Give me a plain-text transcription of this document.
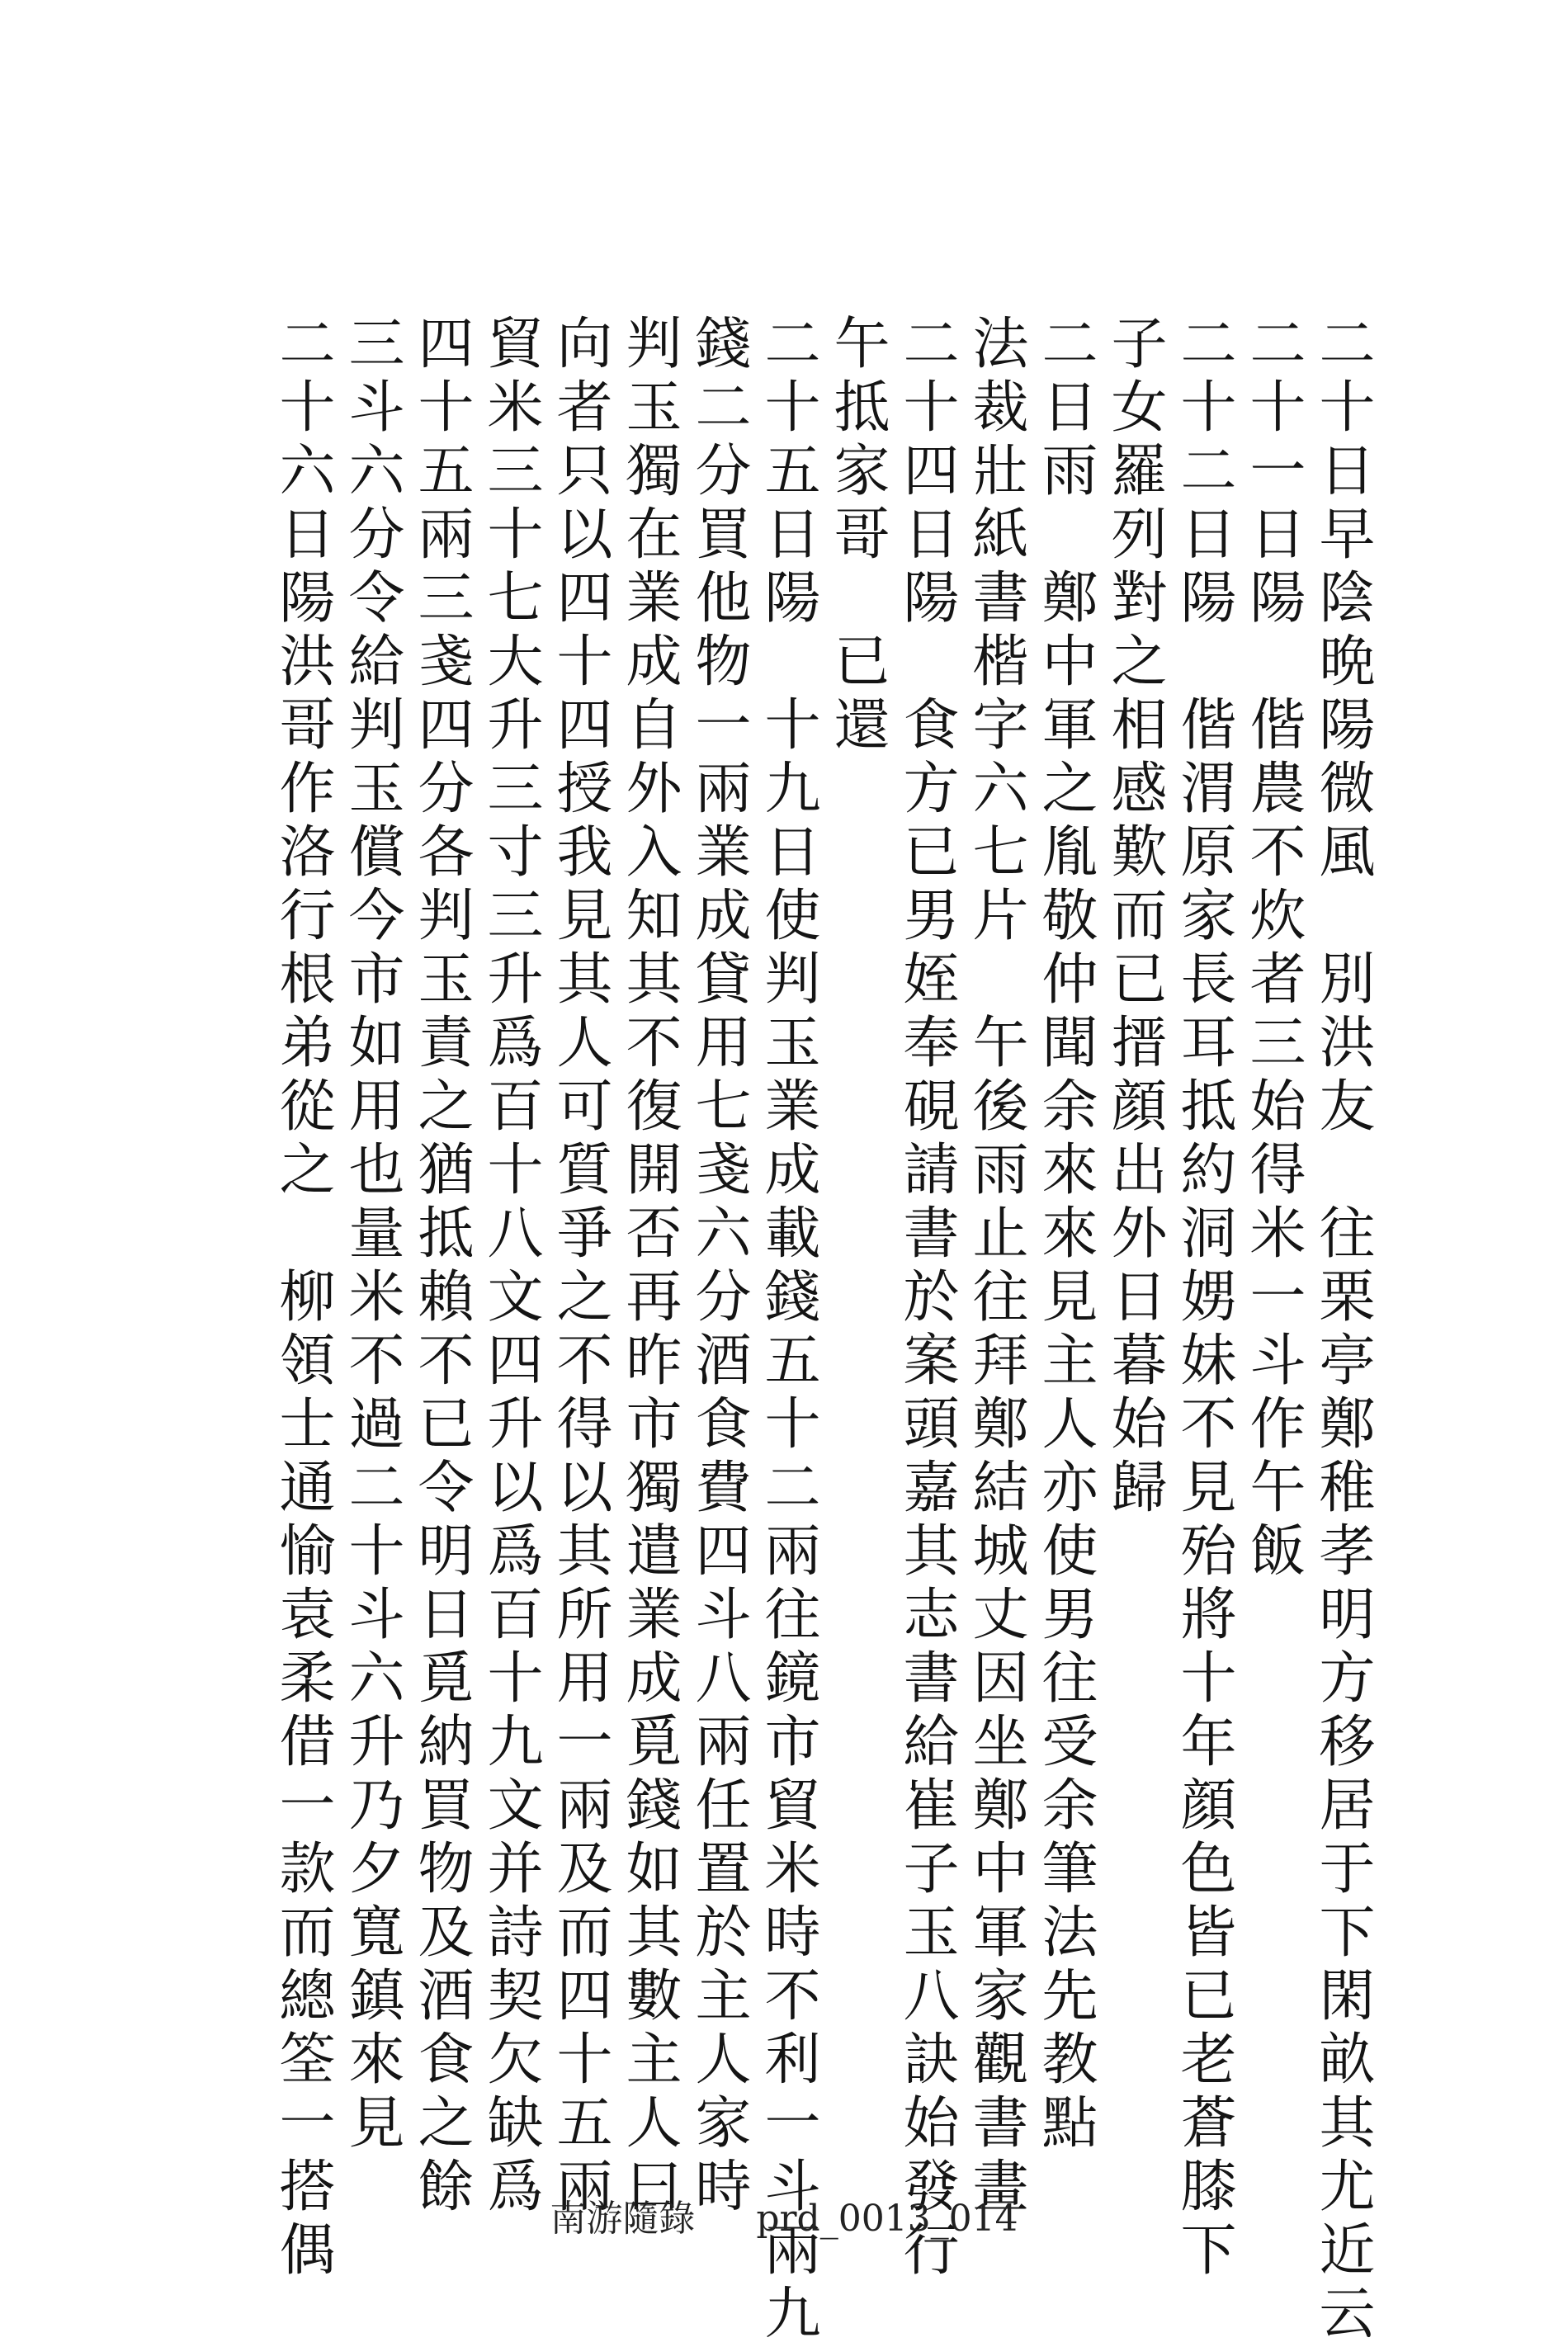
二十日早陰晩陽微風　別洪友　往栗亭鄭稚孝明方移居于下閑畝其尤近云
二十一日陽　偕農不炊者三始得米一斗作午飯
二十二日陽　偕渭原家長耳抵約洞娚妹不見殆將十年顔色皆已老蒼膝下
子女羅列對之相感歎而已搢顔出外日暮始歸
二日雨　鄭中軍之胤敬仲聞余來來見主人亦使男往受余筆法先教點
法裁壯紙書楷字六七片　午後雨止往拜鄭結城丈因坐鄭中軍家觀書畫
二十四日陽　食方已男姪奉硯請書於案頭嘉其志書給崔子玉八訣始發行
午抵家哥　已還
二十五日陽　十九日使判玉業成載錢五十二兩往鏡市貿米時不利一斗兩九
錢二分買他物一兩業成貸用七戔六分酒食費四斗八兩任置於主人家時
判玉獨在業成自外入知其不復開否再昨市獨遣業成覓錢如其數主人曰
向者只以四十四授我見其人可質爭之不得以其所用一兩及而四十五兩
貿米三十七大升三寸三升爲百十八文四升以爲百十九文并詩契欠缺爲
四十五兩三戔四分各判玉責之猶抵賴不已令明日覓納買物及酒食之餘
三斗六分令給判玉償今市如用也量米不過二十斗六升乃夕寬鎮來見
二十六日陽洪哥作洛行根弟從之　柳領士通愉袁柔借一款而總筌一搭偶	南游隨錄 prd_0013_014
